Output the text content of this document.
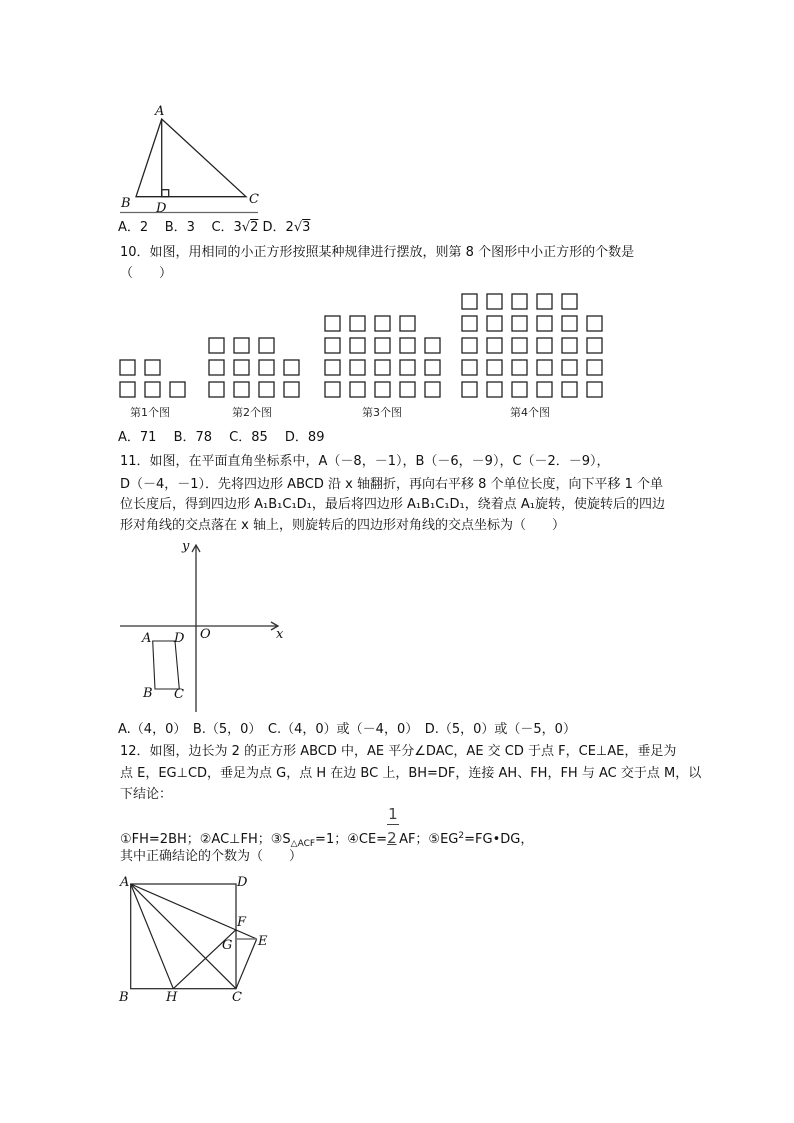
A
B D
C
第1个图	第2个图	第3个图	第4个图
y
x
O
A D
B C
A	D
B	C
H
F
G E
A．2 B．3 C．3√2 D．2√3
10．如图，用相同的小正方形按照某种规律进行摆放，则第 8 个图形中小正方形的个数是
（　　）
A．71　 B．78　 C．85　 D．89
11．如图，在平面直角坐标系中，A（－8，－1），B（－6，－9），C（－2．－9），
D（－4，－1）．先将四边形 ABCD 沿 x 轴翻折，再向右平移 8 个单位长度，向下平移 1 个单
位长度后，得到四边形 A₁B₁C₁D₁，最后将四边形 A₁B₁C₁D₁，绕着点 A₁旋转，使旋转后的四边
形对角线的交点落在 x 轴上，则旋转后的四边形对角线的交点坐标为（　　）
A.（4，0）　B.（5，0）　C.（4，0）或（－4，0）　D.（5，0）或（－5，0）
12．如图，边长为 2 的正方形 ABCD 中，AE 平分∠DAC，AE 交 CD 于点 F，CE⊥AE，垂足为
点 E，EG⊥CD，垂足为点 G，点 H 在边 BC 上，BH=DF，连接 AH、FH，FH 与 AC 交于点 M，以
下结论：
①FH=2BH；②AC⊥FH；$③S_{\triangle ACF}=1$；④CE= $\frac{1}{2}AF$；$⑤EG^2=FG•DG$，
其中正确结论的个数为（　　）
